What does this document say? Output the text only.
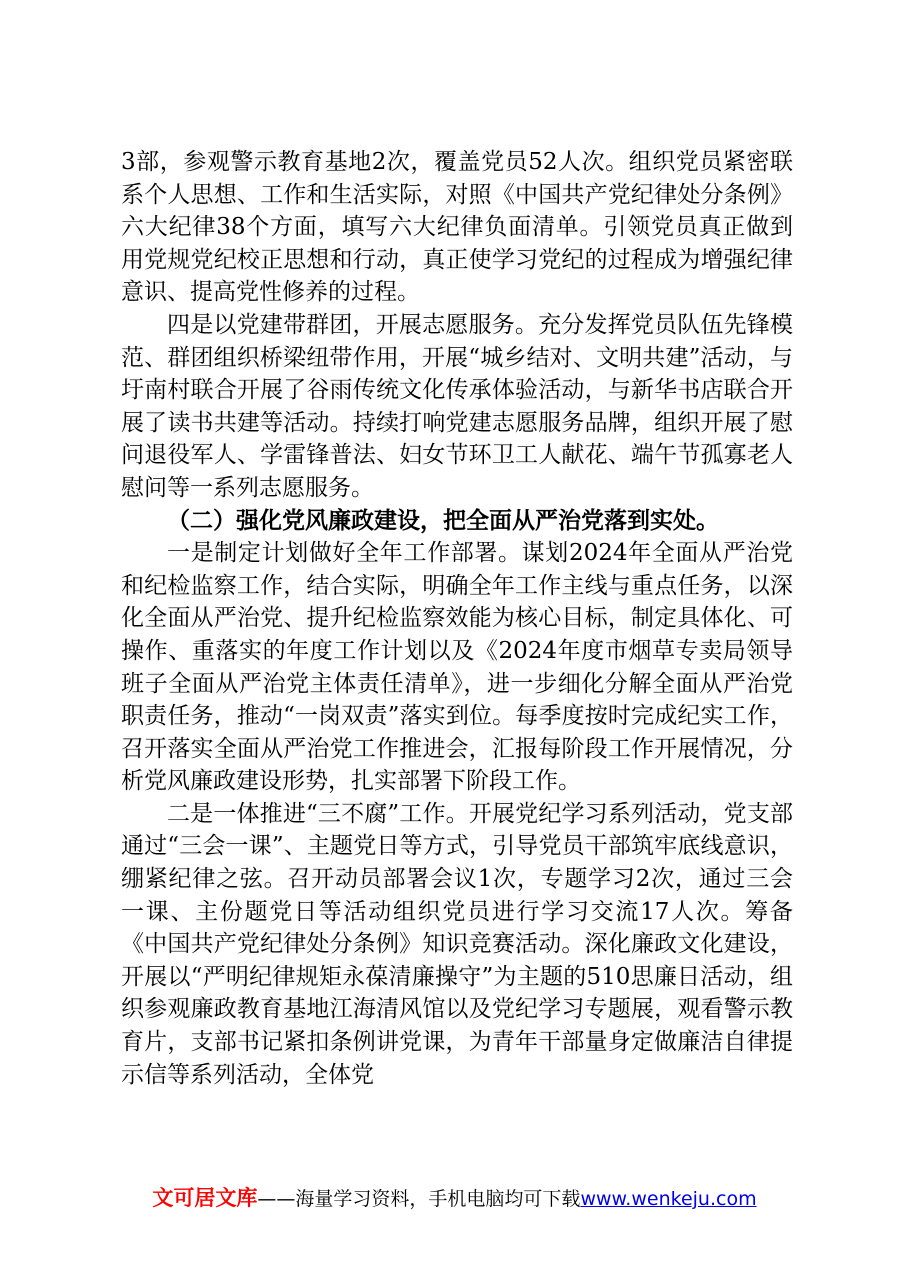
3部，参观警示教育基地2次，覆盖党员52人次。组织党员紧密联系个人思想、工作和生活实际，对照《中国共产党纪律处分条例》六大纪律38个方面，填写六大纪律负面清单。引领党员真正做到用党规党纪校正思想和行动，真正使学习党纪的过程成为增强纪律意识、提高党性修养的过程。

四是以党建带群团，开展志愿服务。充分发挥党员队伍先锋模范、群团组织桥梁纽带作用，开展“城乡结对、文明共建”活动，与圩南村联合开展了谷雨传统文化传承体验活动，与新华书店联合开展了读书共建等活动。持续打响党建志愿服务品牌，组织开展了慰问退役军人、学雷锋普法、妇女节环卫工人献花、端午节孤寡老人慰问等一系列志愿服务。

（二）强化党风廉政建设，把全面从严治党落到实处。

一是制定计划做好全年工作部署。谋划2024年全面从严治党和纪检监察工作，结合实际，明确全年工作主线与重点任务，以深化全面从严治党、提升纪检监察效能为核心目标，制定具体化、可操作、重落实的年度工作计划以及《2024年度市烟草专卖局领导班子全面从严治党主体责任清单》，进一步细化分解全面从严治党职责任务，推动“一岗双责”落实到位。每季度按时完成纪实工作，召开落实全面从严治党工作推进会，汇报每阶段工作开展情况，分析党风廉政建设形势，扎实部署下阶段工作。

二是一体推进“三不腐”工作。开展党纪学习系列活动，党支部通过“三会一课”、主题党日等方式，引导党员干部筑牢底线意识，绷紧纪律之弦。召开动员部署会议1次，专题学习2次，通过三会一课、主份题党日等活动组织党员进行学习交流17人次。筹备《中国共产党纪律处分条例》知识竞赛活动。深化廉政文化建设，开展以“严明纪律规矩永葆清廉操守”为主题的510思廉日活动，组织参观廉政教育基地江海清风馆以及党纪学习专题展，观看警示教育片，支部书记紧扣条例讲党课，为青年干部量身定做廉洁自律提示信等系列活动，全体党

文可居文库——海量学习资料，手机电脑均可下载www.wenkeju.com
